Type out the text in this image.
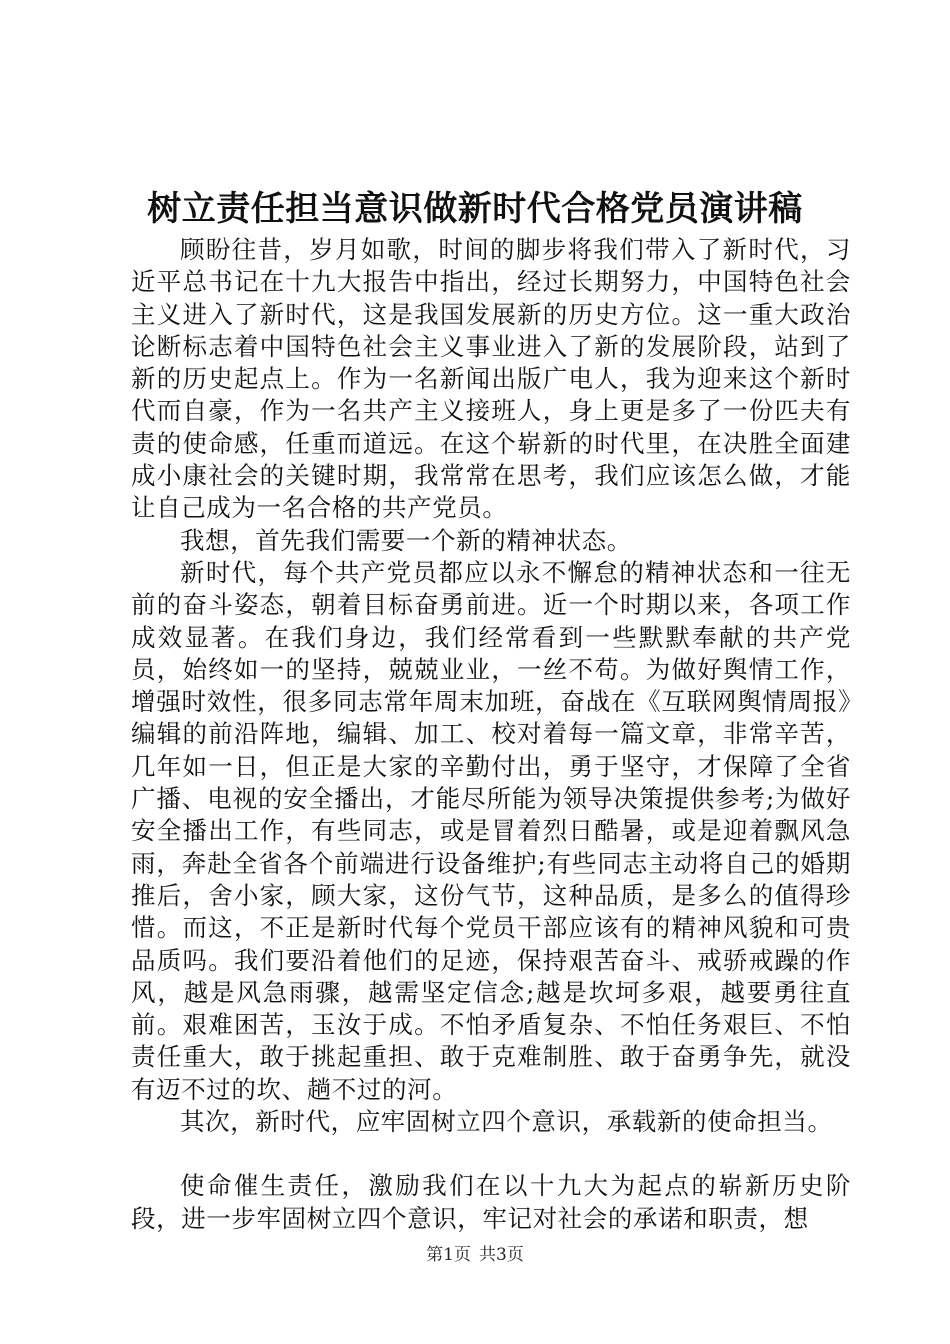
树立责任担当意识做新时代合格党员演讲稿

顾盼往昔，岁月如歌，时间的脚步将我们带入了新时代，习近平总书记在十九大报告中指出，经过长期努力，中国特色社会主义进入了新时代，这是我国发展新的历史方位。这一重大政治论断标志着中国特色社会主义事业进入了新的发展阶段，站到了新的历史起点上。作为一名新闻出版广电人，我为迎来这个新时代而自豪，作为一名共产主义接班人，身上更是多了一份匹夫有责的使命感，任重而道远。在这个崭新的时代里，在决胜全面建成小康社会的关键时期，我常常在思考，我们应该怎么做，才能让自己成为一名合格的共产党员。

我想，首先我们需要一个新的精神状态。

新时代，每个共产党员都应以永不懈怠的精神状态和一往无前的奋斗姿态，朝着目标奋勇前进。近一个时期以来，各项工作成效显著。在我们身边，我们经常看到一些默默奉献的共产党员，始终如一的坚持，兢兢业业，一丝不苟。为做好舆情工作，增强时效性，很多同志常年周末加班，奋战在《互联网舆情周报》编辑的前沿阵地，编辑、加工、校对着每一篇文章，非常辛苦，几年如一日，但正是大家的辛勤付出，勇于坚守，才保障了全省广播、电视的安全播出，才能尽所能为领导决策提供参考;为做好安全播出工作，有些同志，或是冒着烈日酷暑，或是迎着飘风急雨，奔赴全省各个前端进行设备维护;有些同志主动将自己的婚期推后，舍小家，顾大家，这份气节，这种品质，是多么的值得珍惜。而这，不正是新时代每个党员干部应该有的精神风貌和可贵品质吗。我们要沿着他们的足迹，保持艰苦奋斗、戒骄戒躁的作风，越是风急雨骤，越需坚定信念;越是坎坷多艰，越要勇往直前。艰难困苦，玉汝于成。不怕矛盾复杂、不怕任务艰巨、不怕责任重大，敢于挑起重担、敢于克难制胜、敢于奋勇争先，就没有迈不过的坎、趟不过的河。

其次，新时代，应牢固树立四个意识，承载新的使命担当。

使命催生责任，激励我们在以十九大为起点的崭新历史阶段，进一步牢固树立四个意识，牢记对社会的承诺和职责，想

第1页 共3页
